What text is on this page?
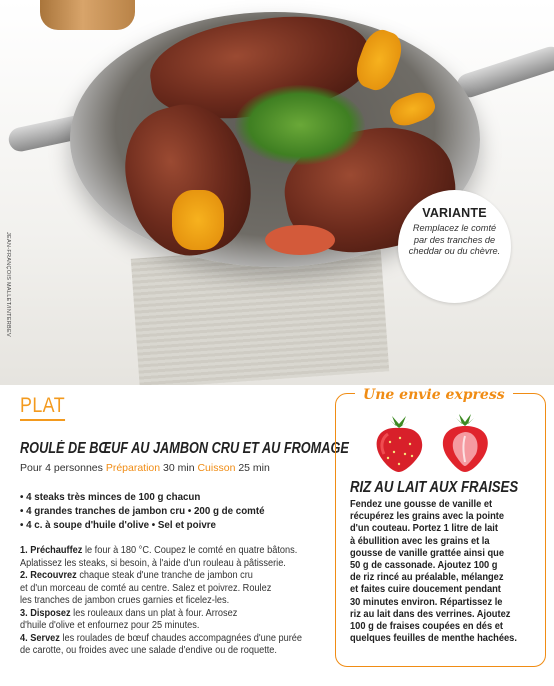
JEAN-FRANÇOIS MALLET/INTERBEV
VARIANTE
Remplacez le comté
par des tranches de
cheddar ou du chèvre.
PLAT
ROULÉ DE BŒUF AU JAMBON CRU ET AU FROMAGE
Pour 4 personnes Préparation 30 min Cuisson 25 min
• 4 steaks très minces de 100 g chacun
• 4 grandes tranches de jambon cru • 200 g de comté
• 4 c. à soupe d'huile d'olive • Sel et poivre
1. Préchauffez le four à 180 °C. Coupez le comté en quatre bâtons.
Aplatissez les steaks, si besoin, à l'aide d'un rouleau à pâtisserie.
2. Recouvrez chaque steak d'une tranche de jambon cru
et d'un morceau de comté au centre. Salez et poivrez. Roulez
les tranches de jambon crues garnies et ficelez-les.
3. Disposez les rouleaux dans un plat à four. Arrosez
d'huile d'olive et enfournez pour 25 minutes.
4. Servez les roulades de bœuf chaudes accompagnées d'une purée
de carotte, ou froides avec une salade d'endive ou de roquette.
Une envie express
RIZ AU LAIT AUX FRAISES
Fendez une gousse de vanille et
récupérez les grains avec la pointe
d'un couteau. Portez 1 litre de lait
à ébullition avec les grains et la
gousse de vanille grattée ainsi que
50 g de cassonade. Ajoutez 100 g
de riz rincé au préalable, mélangez
et faites cuire doucement pendant
30 minutes environ. Répartissez le
riz au lait dans des verrines. Ajoutez
100 g de fraises coupées en dés et
quelques feuilles de menthe hachées.
